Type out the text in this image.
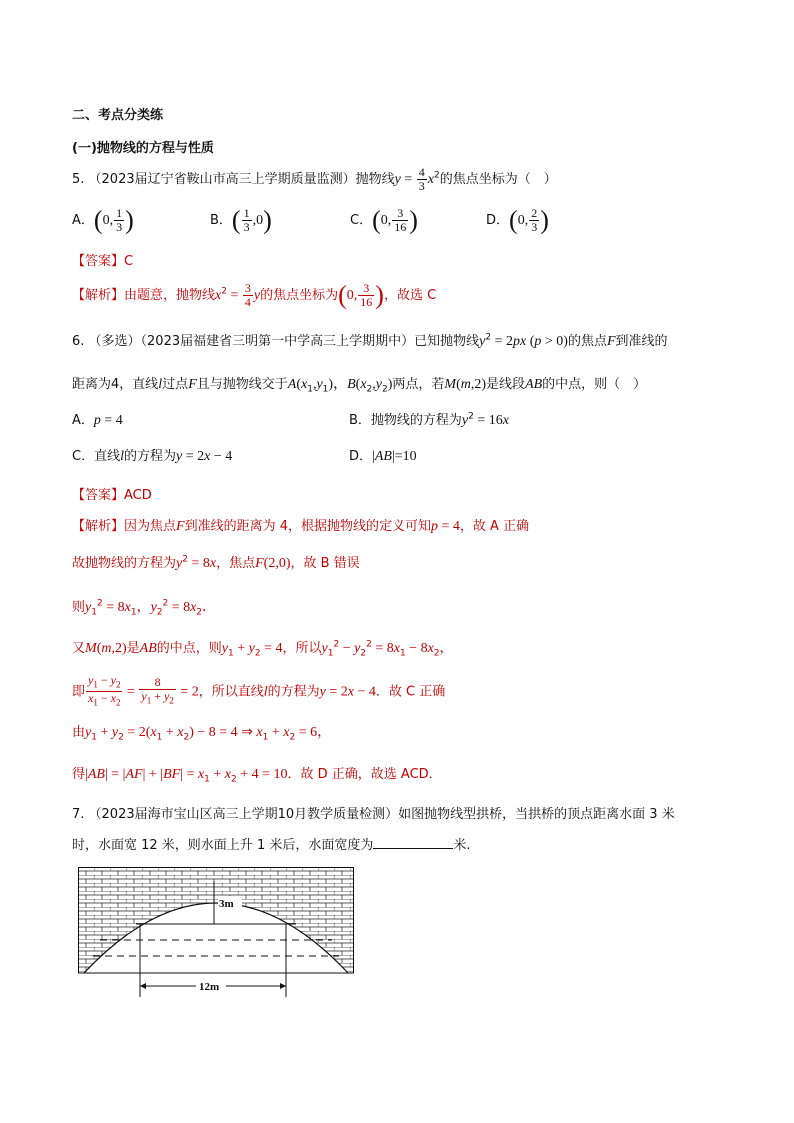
二、考点分类练
(一)抛物线的方程与性质
5. （2023届辽宁省鞍山市高三上学期质量监测）抛物线$y = \frac{4}{3} x^2$的焦点坐标为（　）
A．(0, $\frac{1}{3}$ )	B．( $\frac{1}{3} ,0$)	C．(0, $\frac{3}{16}$ )	D．(0, $\frac{2}{3}$ )
【答案】C
【解析】由题意，抛物线$x^2 = \frac{3}{4}$ y的焦点坐标为(0, $\frac{3}{16}$ )，故选 C
6. （多选）（2023届福建省三明第一中学高三上学期期中）已知抛物线$y^2 = 2px$ (p > 0)的焦点F到准线的
距离为4，直线l过点F且与抛物线交于$A(x_1,y_1)$，$B(x_2,y_2)$两点，若M(m,2)是线段AB的中点，则（　）
A．p = 4	B．抛物线的方程为$y^2 = 16x$
C．直线l的方程为y = 2x − 4	D．|AB|=10
【答案】ACD
【解析】因为焦点F到准线的距离为 4，根据抛物线的定义可知p = 4，故 A 正确
故抛物线的方程为$y^2 = 8x$，焦点F(2,0)，故 B 错误
则$y_1^2 = 8x_1$，$y_2^2 = 8x_2$．
又M(m,2)是AB的中点，则$y_1 + y_2 = 4$，所以$y_1^2 - y_2^2 = 8x_1 - 8x_2$，
即 $\frac{y_1 - y_2}{x_1 - x_2} = \frac{8}{y_1 + y_2} = 2$，所以直线l的方程为y = 2x − 4．故 C 正确
由$y_1 + y_2 = 2(x_1 + x_2) - 8 = 4$ ⇒ $x_1 + x_2 = 6$，
得$|AB| = |AF| + |BF| = x_1 + x_2 + 4 = 10$．故 D 正确，故选 ACD．
7. （2023届海市宝山区高三上学期10月教学质量检测）如图抛物线型拱桥，当拱桥的顶点距离水面 3 米
时，水面宽 12 米，则水面上升 1 米后，水面宽度为	米.
3m
12m
